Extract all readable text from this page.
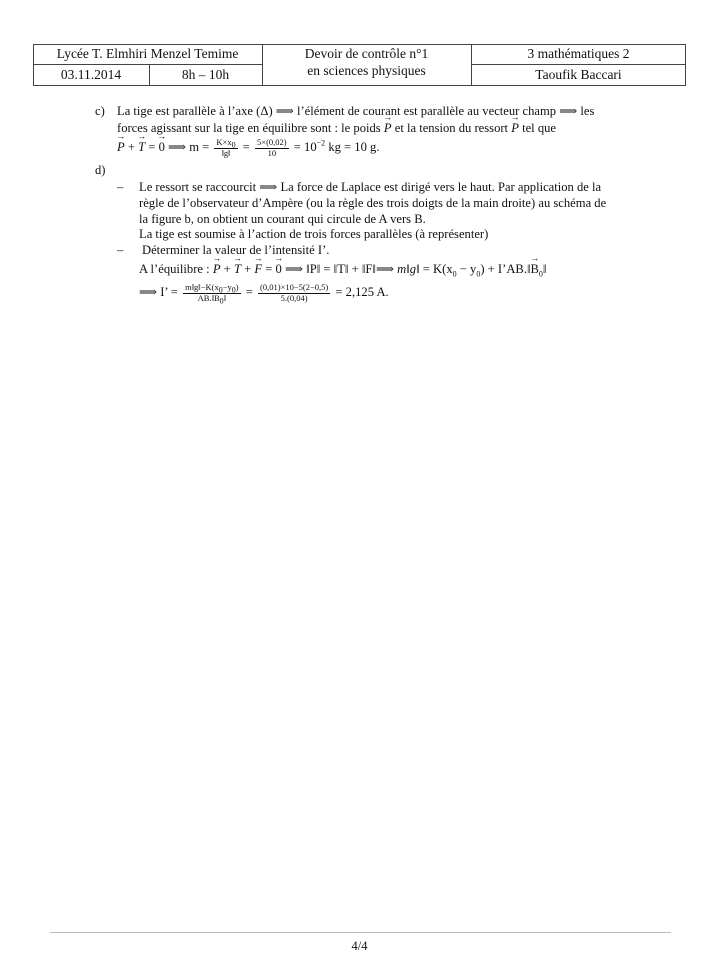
Lycée T. Elmhiri Menzel Temime
03.11.2014	8h – 10h
Devoir de contrôle n°1
en sciences physiques
3 mathématiques 2
Taoufik Baccari
c) La tige est parallèle à l’axe (Δ) ⟹ l’élément de courant est parallèle au vecteur champ ⟹ les
forces agissant sur la tige en équilibre sont : le poids → P et la tension du ressort → P tel que
→ P + → T = → 0 ⟹ $m = \frac{K\times x_0}{‖g‖} = \frac{5\times(0,02)}{10} = 10^{-2}$ kg = 10 g.
d)
– Le ressort se raccourcit ⟹ La force de Laplace est dirigé vers le haut. Par application de la
règle de l’observateur d’Ampère (ou la règle des trois doigts de la main droite) au schéma de
la figure b, on obtient un courant qui circule de A vers B.
La tige est soumise à l’action de trois forces parallèles (à représenter)
– Déterminer la valeur de l’intensité I’.
A l’équilibre : → P + → T + → F = → 0 ⟹ ‖P‖ = ‖T‖ + ‖F‖⟹ m‖g‖ = $K(x_0 - y_0)$ + I’AB.‖→ $B_0‖$
⟹ I’ = $\frac{m‖g‖-K(x_0-y_0)}{AB.‖B_0‖} = \frac{(0,01)\times 10-5(2-0,5)}{5.(0,04)} = 2,125$ A.
4/4
